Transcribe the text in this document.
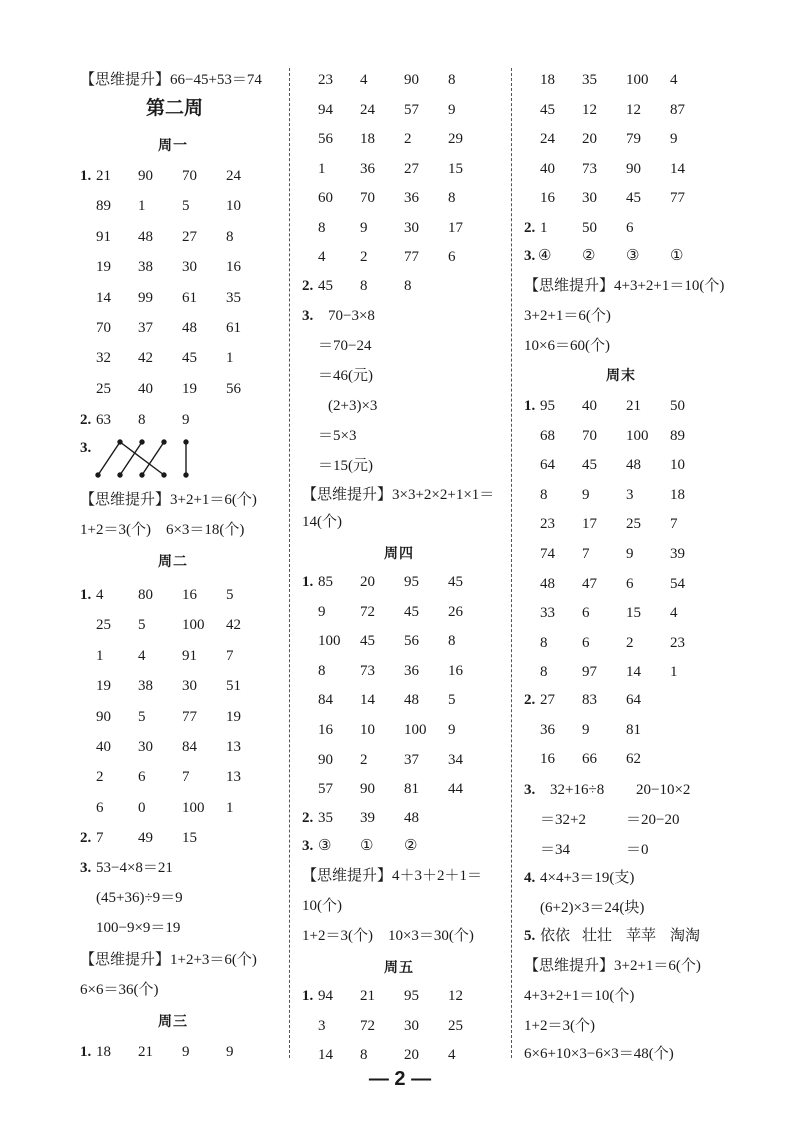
【思维提升】66−45+53＝74
第二周
周一
1. 21 90 70 24
89 1 5 10
91 48 27 8
19 38 30 16
14 99 61 35
70 37 48 61
32 42 45 1
25 40 19 56
2. 63 8 9
3.
【思维提升】3+2+1＝6(个)
1+2＝3(个)　6×3＝18(个)
周二
1. 4 80 16 5
25 5 100 42
1 4 91 7
19 38 30 51
90 5 77 19
40 30 84 13
2 6 7 13
6 0 100 1
2. 7 49 15
3. 53−4×8＝21
(45+36)÷9＝9
100−9×9＝19
【思维提升】1+2+3＝6(个)
6×6＝36(个)
周三
1. 18 21 9 9
23 4 90 8
94 24 57 9
56 18 2 29
1 36 27 15
60 70 36 8
8 9 30 17
4 2 77 6
2. 45 8 8
3. 70−3×8
＝70−24
＝46(元)
(2+3)×3
＝5×3
＝15(元)
【思维提升】3×3+2×2+1×1＝
14(个)
周四
1. 85 20 95 45
9 72 45 26
100 45 56 8
8 73 36 16
84 14 48 5
16 10 100 9
90 2 37 34
57 90 81 44
2. 35 39 48
3. ③ ① ②
【思维提升】4＋3＋2＋1＝
10(个)
1+2＝3(个)　10×3＝30(个)
周五
1. 94 21 95 12
3 72 30 25
14 8 20 4
18 35 100 4
45 12 12 87
24 20 79 9
40 73 90 14
16 30 45 77
2. 1 50 6
3. ④ ② ③ ①
【思维提升】4+3+2+1＝10(个)
3+2+1＝6(个)
10×6＝60(个)
周末
1. 95 40 21 50
68 70 100 89
64 45 48 10
8 9 3 18
23 17 25 7
74 7 9 39
48 47 6 54
33 6 15 4
8 6 2 23
8 97 14 1
2. 27 83 64
36 9 81
16 66 62
3. 32+16÷8 20−10×2
＝32+2	＝20−20
＝34	＝0
4. 4×4+3＝19(支)
(6+2)×3＝24(块)
5. 依依 壮壮 苹苹 淘淘
【思维提升】3+2+1＝6(个)
4+3+2+1＝10(个)
1+2＝3(个)
6×6+10×3−6×3＝48(个)
— 2 —
